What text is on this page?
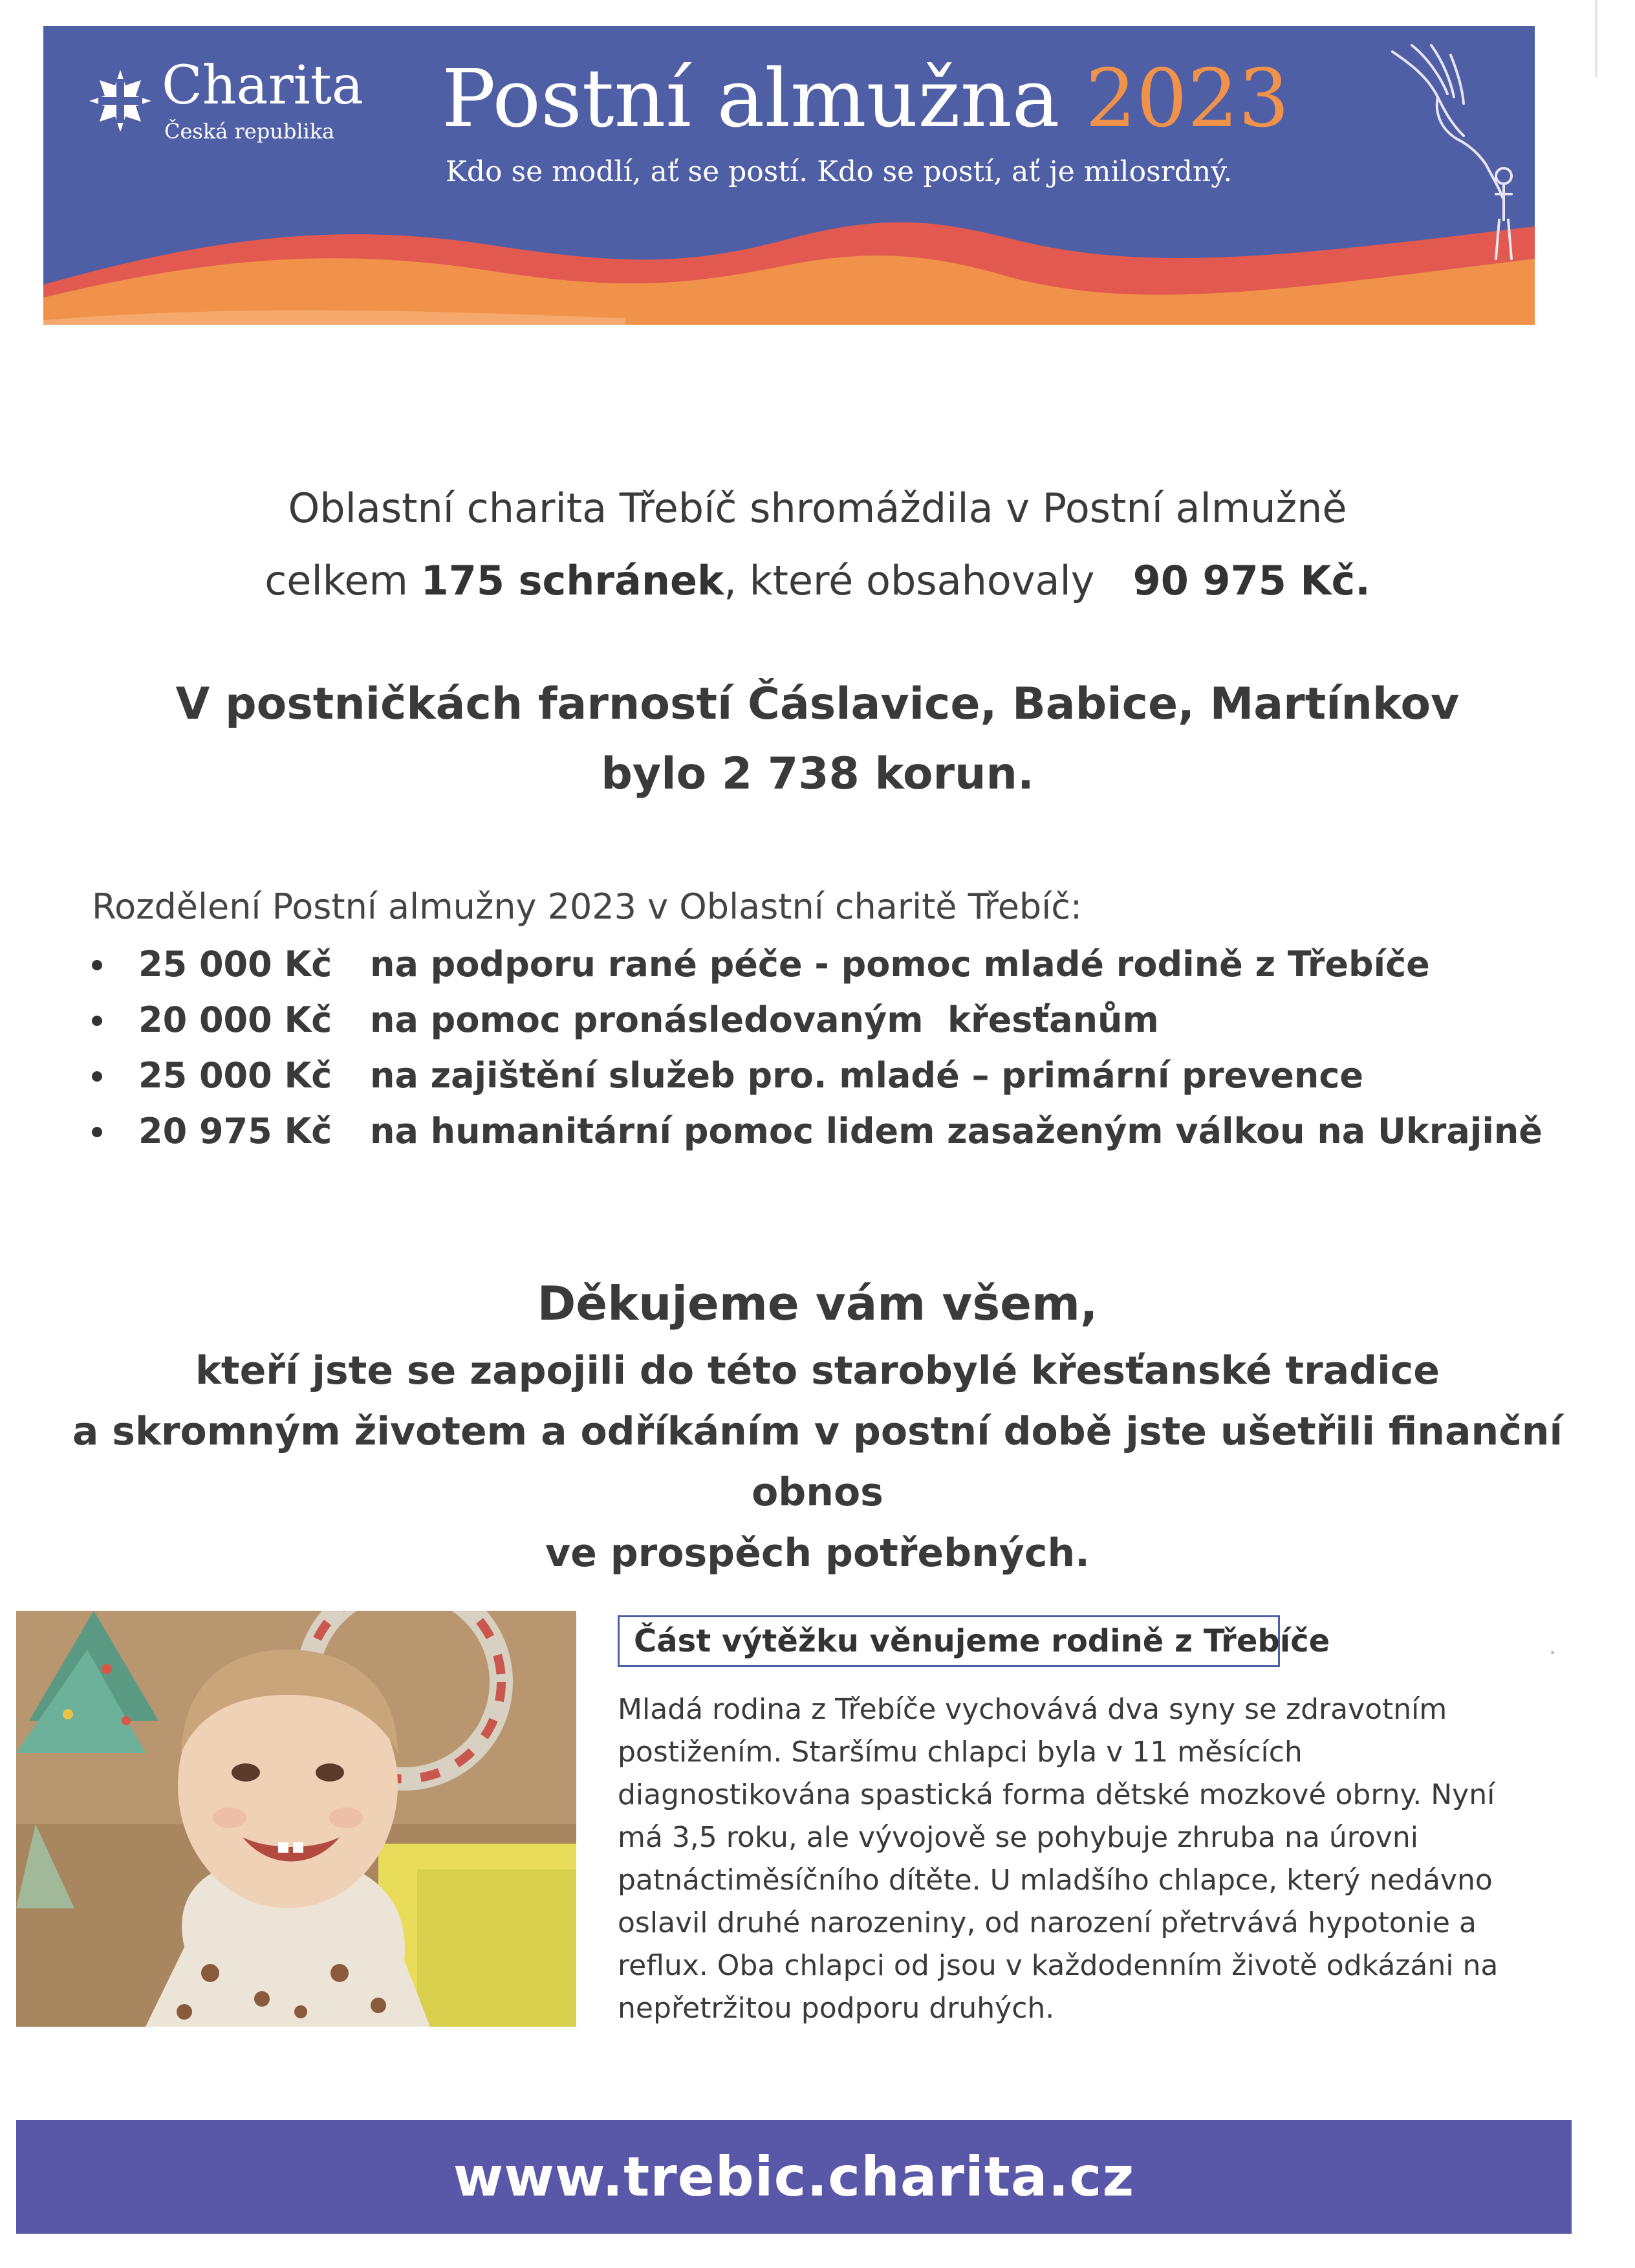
Charita
Česká republika Postní almužna 2023
Kdo se modlí, ať se postí. Kdo se postí, ať je milosrdný.
Oblastní charita Třebíč shromáždila v Postní almužně
celkem 175 schránek, které obsahovaly   90 975 Kč.
V postničkách farností Čáslavice, Babice, Martínkov
bylo 2 738 korun.
Rozdělení Postní almužny 2023 v Oblastní charitě Třebíč:
25 000 Kč na podporu rané péče - pomoc mladé rodině z Třebíče
20 000 Kč na pomoc pronásledovaným  křesťanům
25 000 Kč na zajištění služeb pro. mladé – primární prevence
20 975 Kč na humanitární pomoc lidem zasaženým válkou na Ukrajině
Děkujeme vám všem,
kteří jste se zapojili do této starobylé křesťanské tradice
a skromným životem a odříkáním v postní době jste ušetřili finanční obnos
ve prospěch potřebných.
Část výtěžku věnujeme rodině z Třebíče
Mladá rodina z Třebíče vychovává dva syny se zdravotním
postižením. Staršímu chlapci byla v 11 měsících
diagnostikována spastická forma dětské mozkové obrny. Nyní
má 3,5 roku, ale vývojově se pohybuje zhruba na úrovni
patnáctiměsíčního dítěte. U mladšího chlapce, který nedávno
oslavil druhé narozeniny, od narození přetrvává hypotonie a
reflux. Oba chlapci od jsou v každodenním životě odkázáni na
nepřetržitou podporu druhých.
www.trebic.charita.cz
